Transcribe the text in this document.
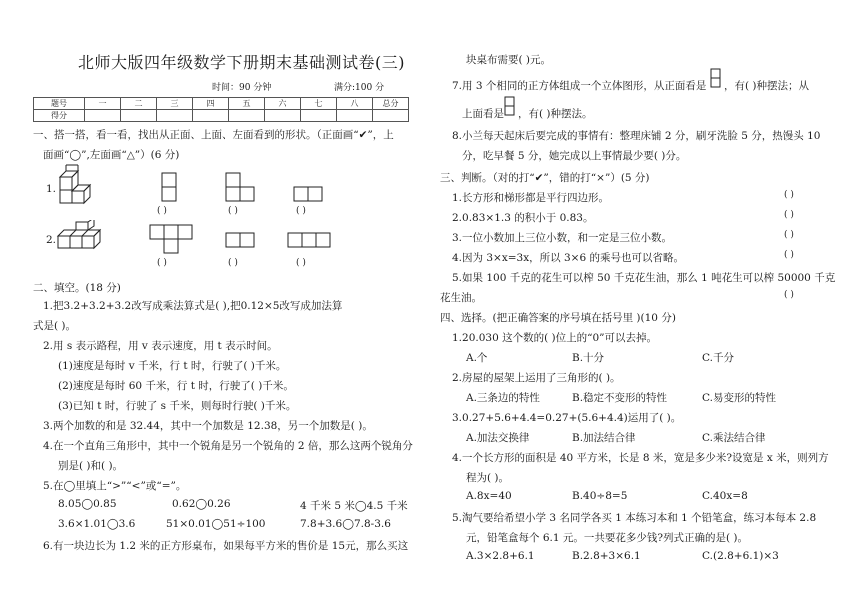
北师大版四年级数学下册期末基础测试卷(三)
时间：90 分钟	满分:100 分
题号	一	二	三	四	五	六	七	八	总分
得分									
一、搭一搭，看一看，找出从正面、上面、左面看到的形状。（正面画“✔”，上
面画“◯”,左面画“△”）(6 分)
1.
2.
( )	( )	( )
( )	( )	( )
二、填空。(18 分)
1.把3.2+3.2+3.2改写成乘法算式是( ),把0.12×5改写成加法算
式是( )。
2.用 s 表示路程，用 v 表示速度，用 t 表示时间。
(1)速度是每时 v 千米，行 t 时，行驶了( )千米。
(2)速度是每时 60 千米，行 t 时，行驶了( )千米。
(3)已知 t 时，行驶了 s 千米，则每时行驶( )千米。
3.两个加数的和是 32.44，其中一个加数是 12.38，另一个加数是( )。
4.在一个直角三角形中，其中一个锐角是另一个锐角的 2 倍，那么这两个锐角分
别是( )和( )。
5.在◯里填上“>”“<”或“=”。
8.05◯0.85	0.62◯0.26	4 千米 5 米◯4.5 千米
3.6×1.01◯3.6	51×0.01◯51÷100	7.8+3.6◯7.8-3.6
6.有一块边长为 1.2 米的正方形桌布，如果每平方米的售价是 15元，那么买这
块桌布需要( )元。
7.用 3 个相同的正方体组成一个立体图形，从正面看是 ，有( )种摆法；从
上面看是 ，有( )种摆法。
8.小兰每天起床后要完成的事情有：整理床铺 2 分，刷牙洗脸 5 分，热馒头 10
分，吃早餐 5 分，她完成以上事情最少要( )分。
三、判断。（对的打“✔”，错的打“×”）(5 分)
1.长方形和梯形都是平行四边形。	( )
2.0.83×1.3 的积小于 0.83。	( )
3.一位小数加上三位小数，和一定是三位小数。	( )
4.因为 3×x=3x，所以 3×6 的乘号也可以省略。	( )
5.如果 100 千克的花生可以榨 50 千克花生油，那么 1 吨花生可以榨 50000 千克
花生油。	( )
四、选择。(把正确答案的序号填在括号里 )(10 分)
1.20.030 这个数的( )位上的“0”可以去掉。
A.个	B.十分	C.千分
2.房屋的屋架上运用了三角形的( )。
A.三条边的特性	B.稳定不变形的特性	C.易变形的特性
3.0.27+5.6+4.4=0.27+(5.6+4.4)运用了( )。
A.加法交换律	B.加法结合律	C.乘法结合律
4.一个长方形的面积是 40 平方米，长是 8 米，宽是多少米?设宽是 x 米，则列方
程为( )。
A.8x=40	B.40÷8=5	C.40x=8
5.淘气要给希望小学 3 名同学各买 1 本练习本和 1 个铅笔盒，练习本每本 2.8
元，铅笔盒每个 6.1 元。一共要花多少钱?列式正确的是( )。
A.3×2.8+6.1	B.2.8+3×6.1	C.(2.8+6.1)×3
